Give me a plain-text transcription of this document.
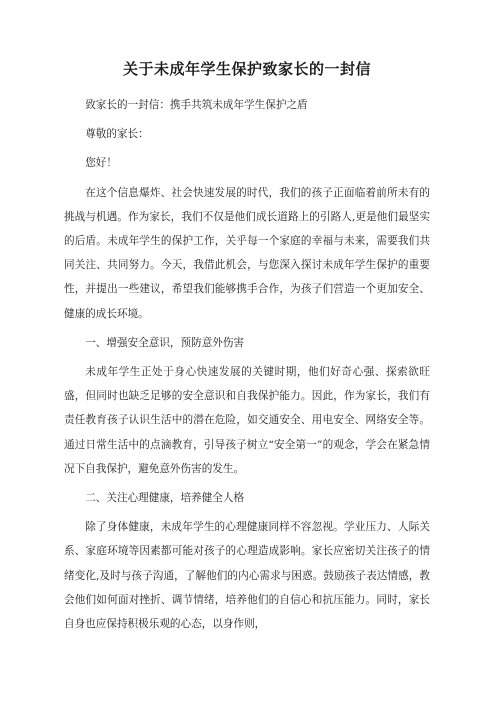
关于未成年学生保护致家长的一封信

致家长的一封信：携手共筑未成年学生保护之盾

尊敬的家长：

您好！

在这个信息爆炸、社会快速发展的时代，我们的孩子正面临着前所未有的挑战与机遇。作为家长，我们不仅是他们成长道路上的引路人,更是他们最坚实的后盾。未成年学生的保护工作，关乎每一个家庭的幸福与未来，需要我们共同关注、共同努力。今天，我借此机会，与您深入探讨未成年学生保护的重要性，并提出一些建议，希望我们能够携手合作，为孩子们营造一个更加安全、健康的成长环境。

一、增强安全意识，预防意外伤害

未成年学生正处于身心快速发展的关键时期，他们好奇心强、探索欲旺盛，但同时也缺乏足够的安全意识和自我保护能力。因此，作为家长，我们有责任教育孩子认识生活中的潜在危险，如交通安全、用电安全、网络安全等。通过日常生活中的点滴教育，引导孩子树立“安全第一”的观念，学会在紧急情况下自我保护，避免意外伤害的发生。

二、关注心理健康，培养健全人格

除了身体健康，未成年学生的心理健康同样不容忽视。学业压力、人际关系、家庭环境等因素都可能对孩子的心理造成影响。家长应密切关注孩子的情绪变化,及时与孩子沟通，了解他们的内心需求与困惑。鼓励孩子表达情感，教会他们如何面对挫折、调节情绪，培养他们的自信心和抗压能力。同时，家长自身也应保持积极乐观的心态，以身作则，
